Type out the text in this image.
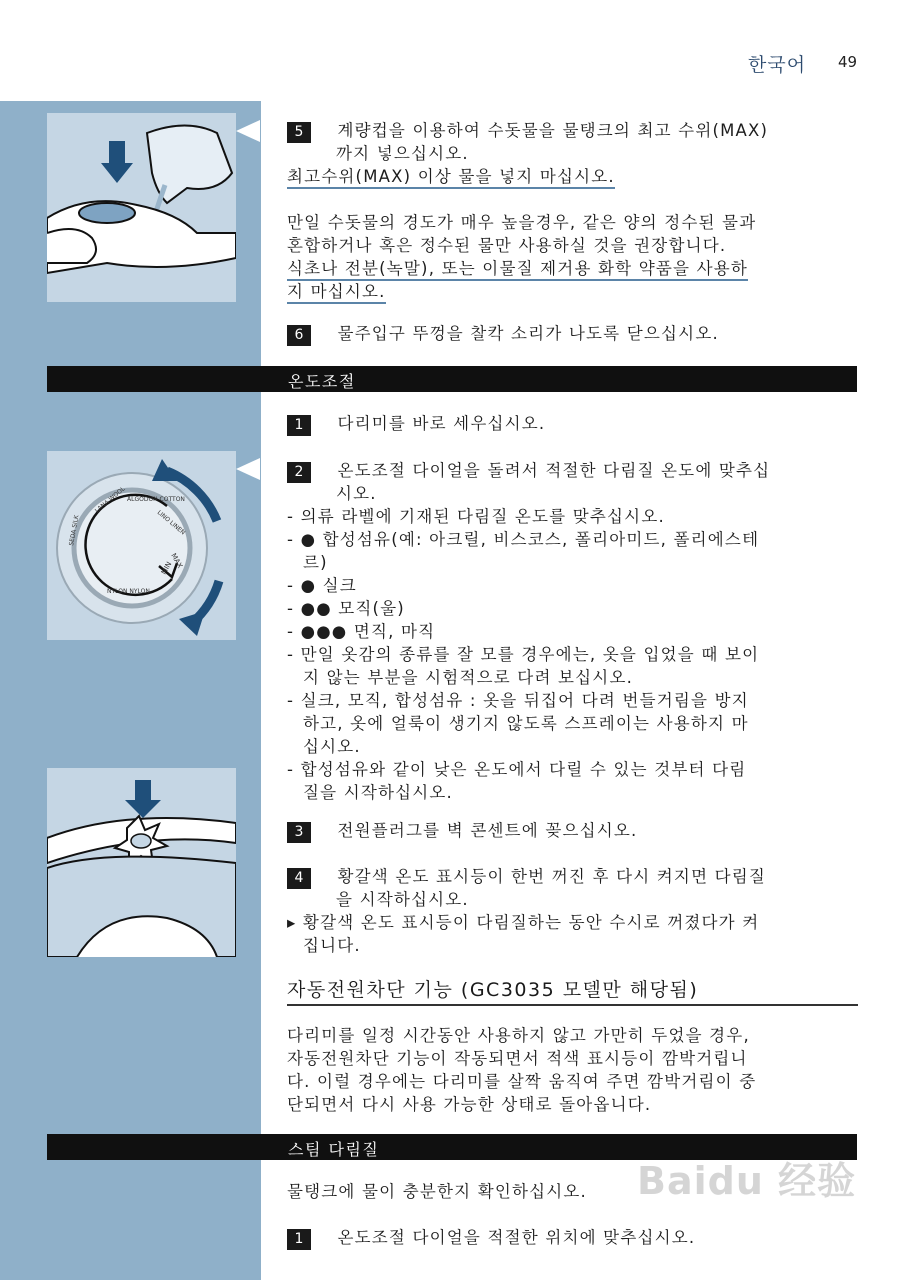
한국어 49
5 계량컵을 이용하여 수돗물을 물탱크의 최고 수위(MAX)
까지 넣으십시오.
최고수위(MAX) 이상 물을 넣지 마십시오.
만일 수돗물의 경도가 매우 높을경우, 같은 양의 정수된 물과
혼합하거나 혹은 정수된 물만 사용하실 것을 권장합니다.
식초나 전분(녹말), 또는 이물질 제거용 화학 약품을 사용하
지 마십시오.
6 물주입구 뚜껑을 찰칵 소리가 나도록 닫으십시오.
온도조절
1 다리미를 바로 세우십시오.
MAX
MIN
NYLON NYLON
SEDA SILK
LANA WOOL ALGODON COTTON
LINO LINEN
2 온도조절 다이얼을 돌려서 적절한 다림질 온도에 맞추십
시오.
- 의류 라벨에 기재된 다림질 온도를 맞추십시오.
- ● 합성섬유(예: 아크릴, 비스코스, 폴리아미드, 폴리에스테
르)
- ● 실크
- ●● 모직(울)
- ●●● 면직, 마직
- 만일 옷감의 종류를 잘 모를 경우에는, 옷을 입었을 때 보이
지 않는 부분을 시험적으로 다려 보십시오.
- 실크, 모직, 합성섬유 : 옷을 뒤집어 다려 번들거림을 방지
하고, 옷에 얼룩이 생기지 않도록 스프레이는 사용하지 마
십시오.
- 합성섬유와 같이 낮은 온도에서 다릴 수 있는 것부터 다림
질을 시작하십시오.
3 전원플러그를 벽 콘센트에 꽂으십시오.
4 황갈색 온도 표시등이 한번 꺼진 후 다시 켜지면 다림질
을 시작하십시오.
▸ 황갈색 온도 표시등이 다림질하는 동안 수시로 꺼졌다가 켜
집니다.
자동전원차단 기능 (GC3035 모델만 해당됨)
다리미를 일정 시간동안 사용하지 않고 가만히 두었을 경우,
자동전원차단 기능이 작동되면서 적색 표시등이 깜박거립니
다. 이럴 경우에는 다리미를 살짝 움직여 주면 깜박거림이 중
단되면서 다시 사용 가능한 상태로 돌아옵니다.
스팀 다림질
물탱크에 물이 충분한지 확인하십시오.
1 온도조절 다이얼을 적절한 위치에 맞추십시오.
Baidu 经验
